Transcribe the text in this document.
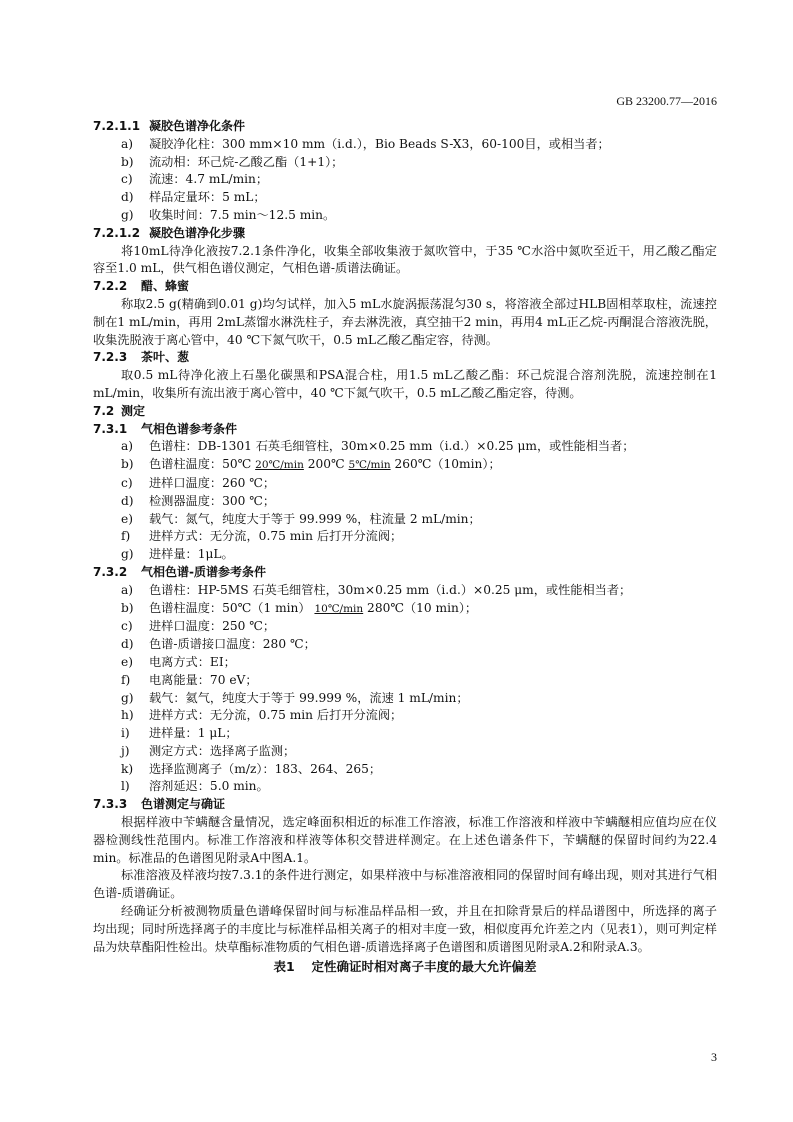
GB 23200.77—2016
7.2.1.1 凝胶色谱净化条件
a) 凝胶净化柱：300 mm×10 mm（i.d.），Bio Beads S-X3，60-100目，或相当者；
b) 流动相：环己烷-乙酸乙酯（1+1）；
c) 流速：4.7 mL/min；
d) 样品定量环：5 mL；
g) 收集时间：7.5 min～12.5 min。
7.2.1.2 凝胶色谱净化步骤
将10mL待净化液按7.2.1条件净化，收集全部收集液于氮吹管中，于35 ℃水浴中氮吹至近干，用乙酸乙酯定容至1.0 mL，供气相色谱仪测定，气相色谱-质谱法确证。
7.2.2 醋、蜂蜜
称取2.5 g(精确到0.01 g)均匀试样，加入5 mL水旋涡振荡混匀30 s，将溶液全部过HLB固相萃取柱，流速控制在1 mL/min，再用 2mL蒸馏水淋洗柱子，弃去淋洗液，真空抽干2 min，再用4 mL正乙烷-丙酮混合溶液洗脱，收集洗脱液于离心管中，40 ℃下氮气吹干，0.5 mL乙酸乙酯定容，待测。
7.2.3 茶叶、葱
取0.5 mL待净化液上石墨化碳黑和PSA混合柱，用1.5 mL乙酸乙酯：环己烷混合溶剂洗脱，流速控制在1 mL/min，收集所有流出液于离心管中，40 ℃下氮气吹干，0.5 mL乙酸乙酯定容，待测。
7.2 测定
7.3.1 气相色谱参考条件
a) 色谱柱：DB-1301 石英毛细管柱，30m×0.25 mm（i.d.）×0.25 μm，或性能相当者；
b) 色谱柱温度：50℃ 20℃/min 200℃ 5℃/min 260℃（10min）；
c) 进样口温度：260 ℃；
d) 检测器温度：300 ℃；
e) 载气：氮气，纯度大于等于 99.999 %，柱流量 2 mL/min；
f) 进样方式：无分流，0.75 min 后打开分流阀；
g) 进样量：1μL。
7.3.2 气相色谱-质谱参考条件
a) 色谱柱：HP-5MS 石英毛细管柱，30m×0.25 mm（i.d.）×0.25 μm，或性能相当者；
b) 色谱柱温度：50℃（1 min） 10℃/min 280℃（10 min）；
c) 进样口温度：250 ℃；
d) 色谱-质谱接口温度：280 ℃；
e) 电离方式：EI；
f) 电离能量：70 eV；
g) 载气：氦气，纯度大于等于 99.999 %，流速 1 mL/min；
h) 进样方式：无分流，0.75 min 后打开分流阀；
i) 进样量：1 μL；
j) 测定方式：选择离子监测；
k) 选择监测离子（m/z）：183、264、265；
l) 溶剂延迟：5.0 min。
7.3.3 色谱测定与确证
根据样液中苄螨醚含量情况，选定峰面积相近的标准工作溶液，标准工作溶液和样液中苄螨醚相应值均应在仪器检测线性范围内。标准工作溶液和样液等体积交替进样测定。在上述色谱条件下，苄螨醚的保留时间约为22.4 min。标准品的色谱图见附录A中图A.1。
标准溶液及样液均按7.3.1的条件进行测定，如果样液中与标准溶液相同的保留时间有峰出现，则对其进行气相色谱-质谱确证。
经确证分析被测物质量色谱峰保留时间与标准品样品相一致，并且在扣除背景后的样品谱图中，所选择的离子均出现；同时所选择离子的丰度比与标准样品相关离子的相对丰度一致，相似度再允许差之内（见表1），则可判定样品为炔草酯阳性检出。炔草酯标准物质的气相色谱-质谱选择离子色谱图和质谱图见附录A.2和附录A.3。
表1　 定性确证时相对离子丰度的最大允许偏差
3
